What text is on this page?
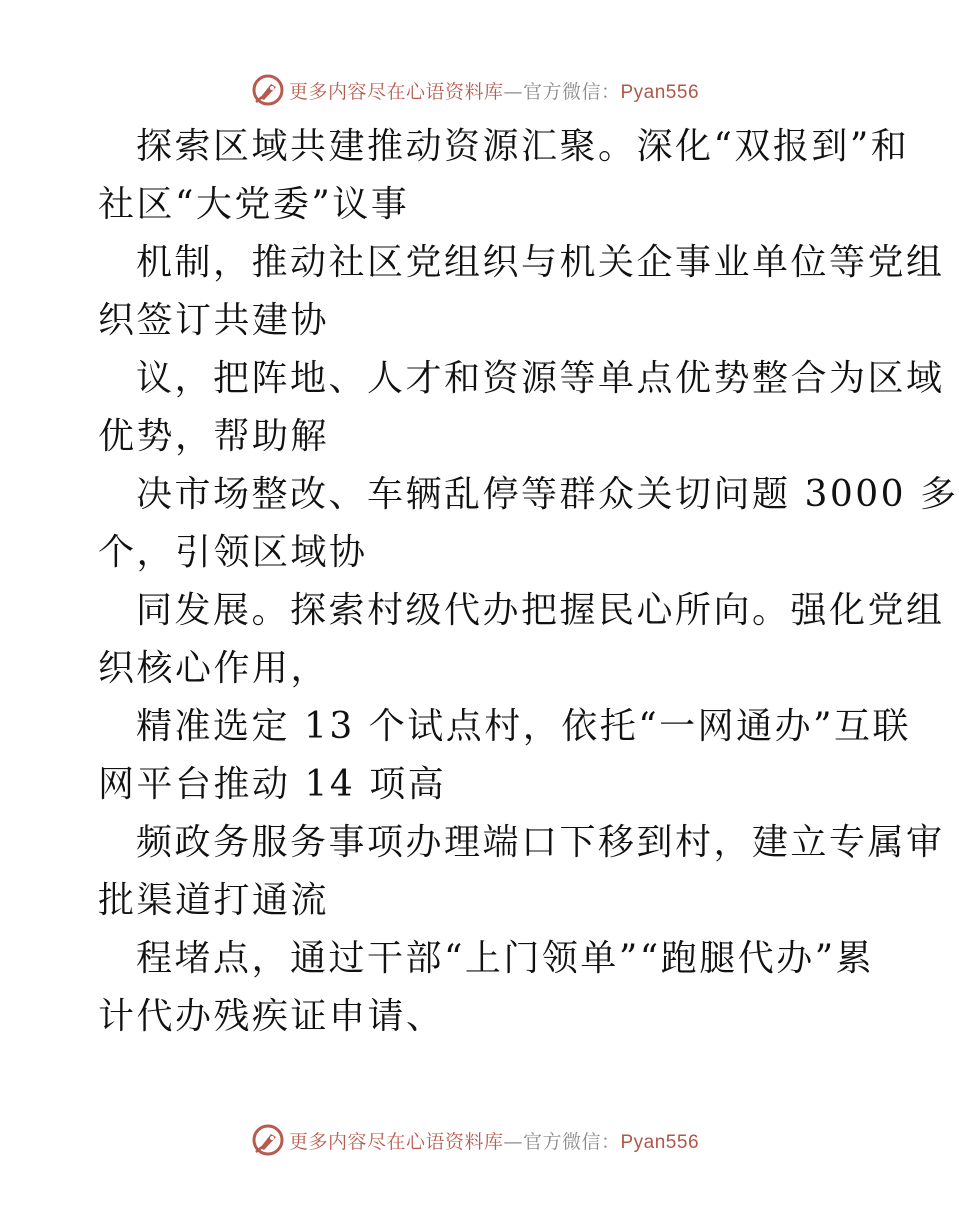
更多内容尽在心语资料库—官方微信：Pyan556
探索区域共建推动资源汇聚。深化“双报到”和
社区“大党委”议事
机制，推动社区党组织与机关企事业单位等党组
织签订共建协
议，把阵地、人才和资源等单点优势整合为区域
优势，帮助解
决市场整改、车辆乱停等群众关切问题 3000 多
个，引领区域协
同发展。探索村级代办把握民心所向。强化党组
织核心作用，
精准选定 13 个试点村，依托“一网通办”互联
网平台推动 14 项高
频政务服务事项办理端口下移到村，建立专属审
批渠道打通流
程堵点，通过干部“上门领单”“跑腿代办”累
计代办残疾证申请、
更多内容尽在心语资料库—官方微信：Pyan556
